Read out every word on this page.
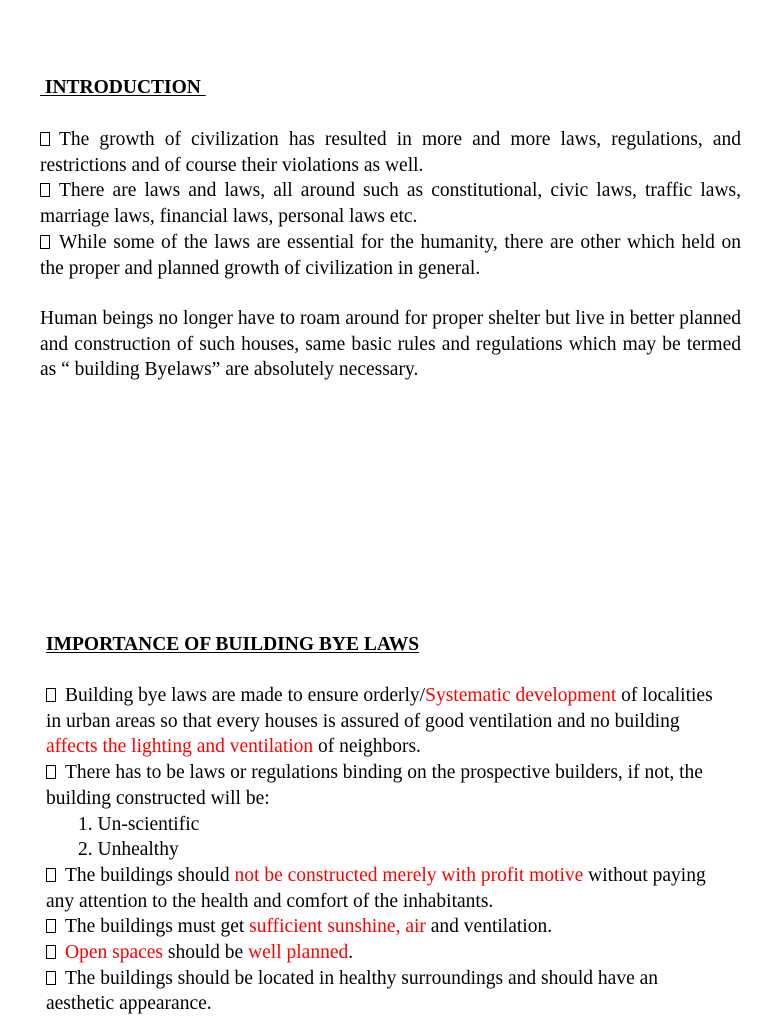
INTRODUCTION

The growth of civilization has resulted in more and more laws, regulations, and restrictions and of course their violations as well.

There are laws and laws, all around such as constitutional, civic laws, traffic laws, marriage laws, financial laws, personal laws etc.

While some of the laws are essential for the humanity, there are other which held on the proper and planned growth of civilization in general.

Human beings no longer have to roam around for proper shelter but live in better planned and construction of such houses, same basic rules and regulations which may be termed as “ building Byelaws” are absolutely necessary.

IMPORTANCE OF BUILDING BYE LAWS

Building bye laws are made to ensure orderly/Systematic development of localities in urban areas so that every houses is assured of good ventilation and no building affects the lighting and ventilation of neighbors.

There has to be laws or regulations binding on the prospective builders, if not, the building constructed will be:

1. Un-scientific

2. Unhealthy

The buildings should not be constructed merely with profit motive without paying any attention to the health and comfort of the inhabitants.

The buildings must get sufficient sunshine, air and ventilation.

Open spaces should be well planned.

The buildings should be located in healthy surroundings and should have an aesthetic appearance.
